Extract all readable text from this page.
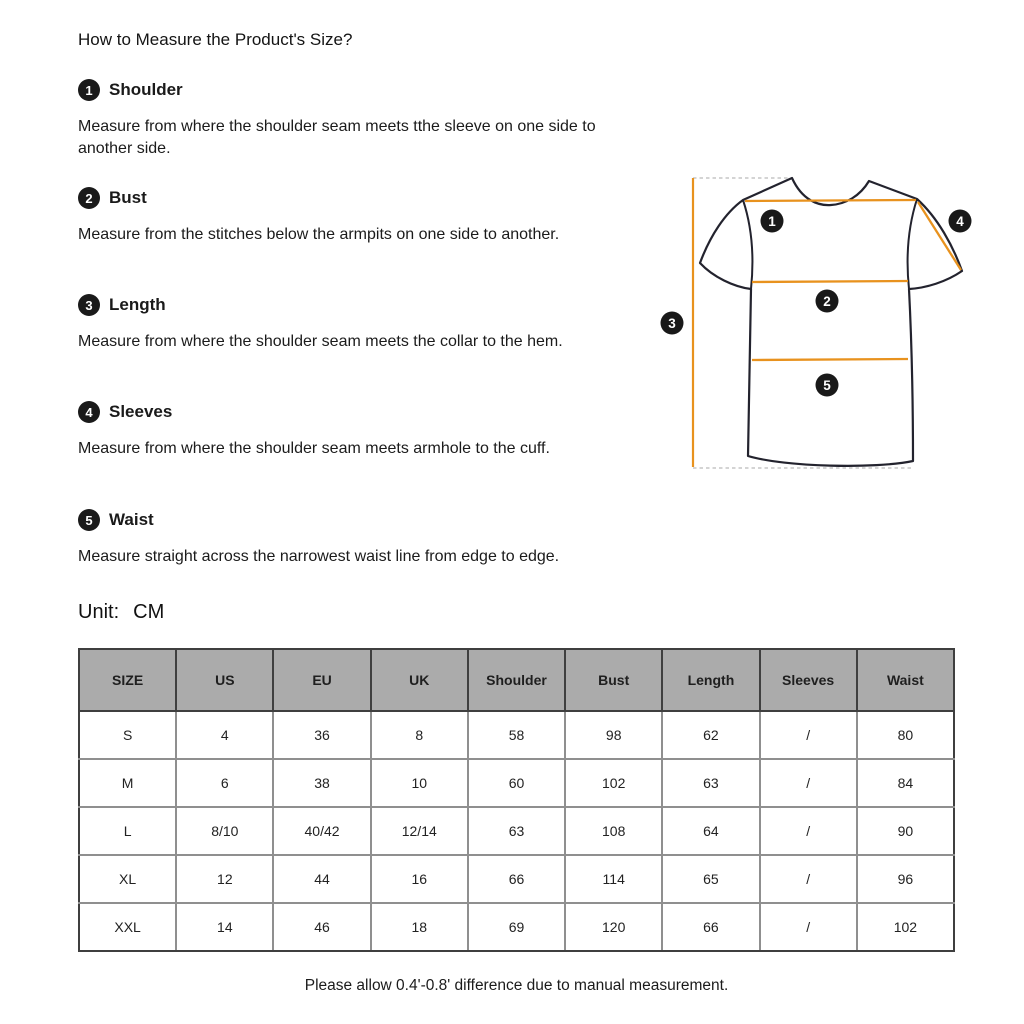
How to Measure the Product's Size?
1 Shoulder
Measure from where the shoulder seam meets tthe sleeve on one side to another side.
2 Bust
Measure from the stitches below the armpits on one side to another.
3 Length
Measure from where the shoulder seam meets the collar to the hem.
4 Sleeves
Measure from where the shoulder seam meets armhole to the cuff.
5 Waist
Measure straight across the narrowest waist line from edge to edge.
1
2
3
4
5
Unit: CM
SIZE	US	EU	UK	Shoulder	Bust	Length	Sleeves	Waist
S	4	36	8	58	98	62	/	80
M	6	38	10	60	102	63	/	84
L	8/10	40/42	12/14	63	108	64	/	90
XL	12	44	16	66	114	65	/	96
XXL	14	46	18	69	120	66	/	102
Please allow 0.4'-0.8' difference due to manual measurement.
